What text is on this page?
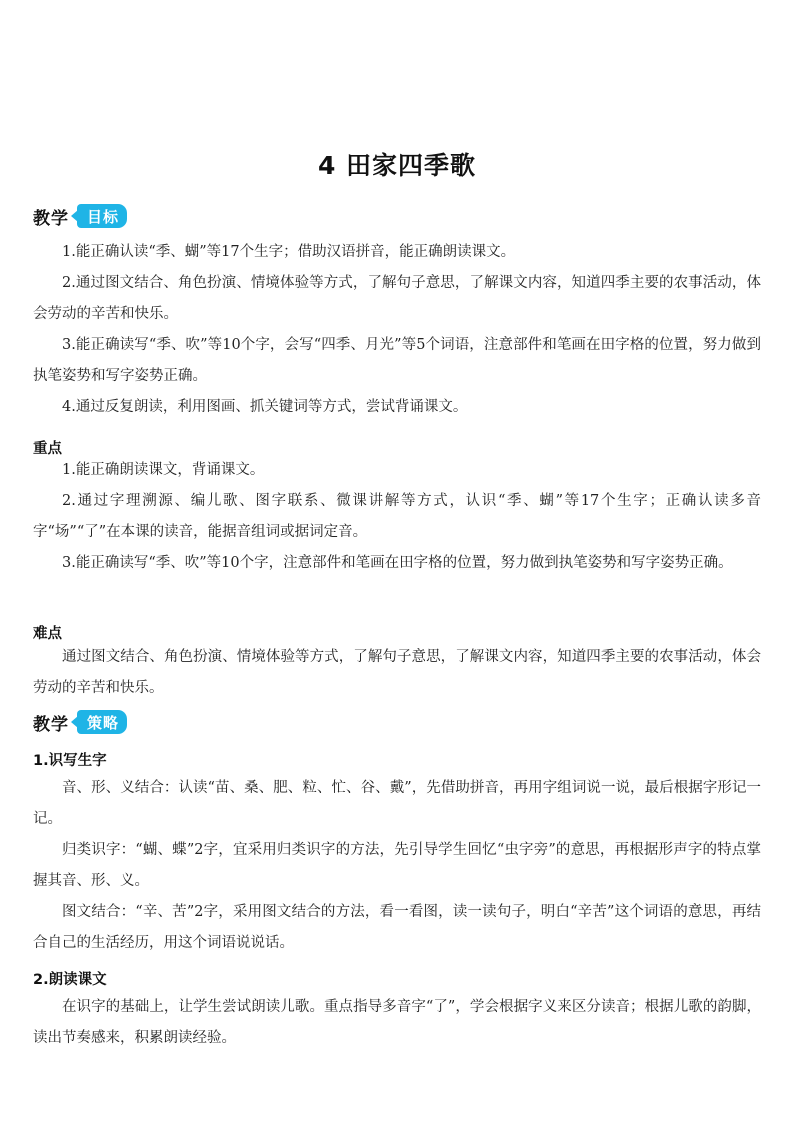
4 田家四季歌
教学	目标

1.能正确认读“季、蝴”等17个生字；借助汉语拼音，能正确朗读课文。

2.通过图文结合、角色扮演、情境体验等方式，了解句子意思，了解课文内容，知道四季主要的农事活动，体会劳动的辛苦和快乐。

3.能正确读写“季、吹”等10个字，会写“四季、月光”等5个词语，注意部件和笔画在田字格的位置，努力做到执笔姿势和写字姿势正确。

4.通过反复朗读，利用图画、抓关键词等方式，尝试背诵课文。

重点

1.能正确朗读课文，背诵课文。

2.通过字理溯源、编儿歌、图字联系、微课讲解等方式，认识“季、蝴”等17个生字；正确认读多音字“场”“了”在本课的读音，能据音组词或据词定音。

3.能正确读写“季、吹”等10个字，注意部件和笔画在田字格的位置，努力做到执笔姿势和写字姿势正确。

难点

通过图文结合、角色扮演、情境体验等方式，了解句子意思，了解课文内容，知道四季主要的农事活动，体会劳动的辛苦和快乐。

教学	策略

1.识写生字

音、形、义结合：认读“苗、桑、肥、粒、忙、谷、戴”，先借助拼音，再用字组词说一说，最后根据字形记一记。

归类识字：“蝴、蝶”2字，宜采用归类识字的方法，先引导学生回忆“虫字旁”的意思，再根据形声字的特点掌握其音、形、义。

图文结合：“辛、苦”2字，采用图文结合的方法，看一看图，读一读句子，明白“辛苦”这个词语的意思，再结合自己的生活经历，用这个词语说说话。

2.朗读课文

在识字的基础上，让学生尝试朗读儿歌。重点指导多音字“了”，学会根据字义来区分读音；根据儿歌的韵脚，读出节奏感来，积累朗读经验。
